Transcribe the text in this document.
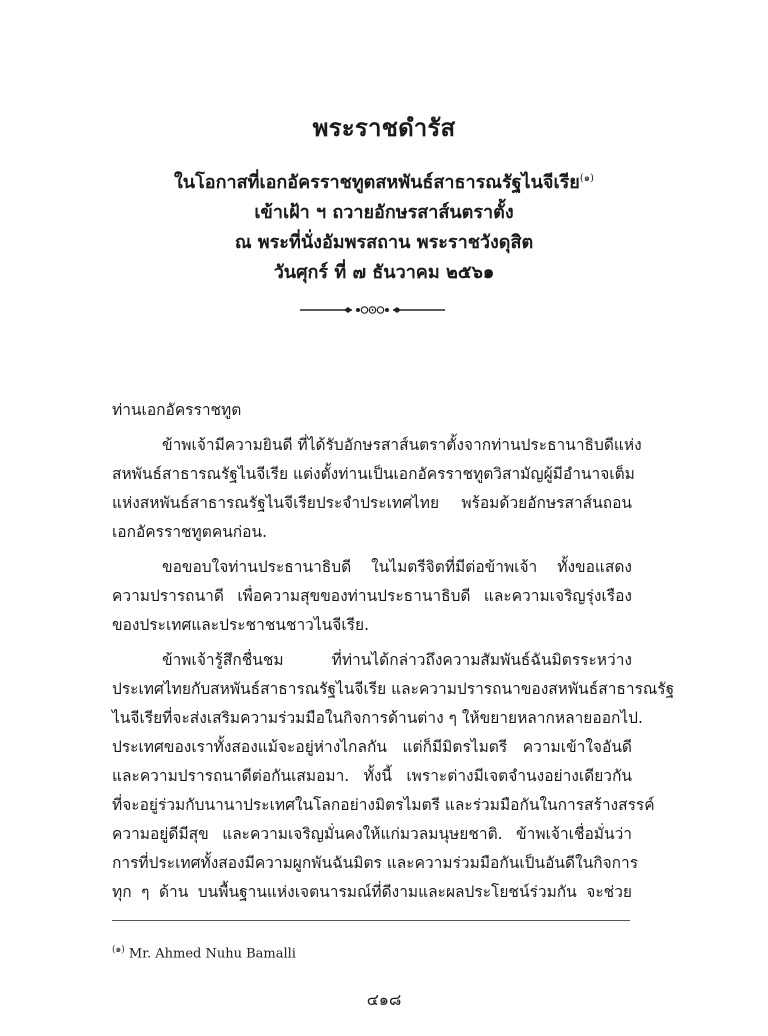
พระราชดำรัส
ในโอกาสที่เอกอัครราชทูตสหพันธ์สาธารณรัฐไนจีเรีย$^{(๑)}$
เข้าเฝ้า ฯ ถวายอักษรสาส์นตราตั้ง
ณ พระที่นั่งอัมพรสถาน พระราชวังดุสิต
วันศุกร์ ที่ ๗ ธันวาคม ๒๕๖๑
ท่านเอกอัครราชทูต
ข้าพเจ้ามีความยินดี ที่ได้รับอักษรสาส์นตราตั้งจากท่านประธานาธิบดีแห่ง
สหพันธ์สาธารณรัฐไนจีเรีย แต่งตั้งท่านเป็นเอกอัครราชทูตวิสามัญผู้มีอำนาจเต็ม
แห่งสหพันธ์สาธารณรัฐไนจีเรียประจำประเทศไทย พร้อมด้วยอักษรสาส์นถอน
เอกอัครราชทูตคนก่อน.
ขอขอบใจท่านประธานาธิบดี ในไมตรีจิตที่มีต่อข้าพเจ้า ทั้งขอแสดง
ความปรารถนาดี เพื่อความสุขของท่านประธานาธิบดี และความเจริญรุ่งเรือง
ของประเทศและประชาชนชาวไนจีเรีย.
ข้าพเจ้ารู้สึกชื่นชม ที่ท่านได้กล่าวถึงความสัมพันธ์ฉันมิตรระหว่าง
ประเทศไทยกับสหพันธ์สาธารณรัฐไนจีเรีย และความปรารถนาของสหพันธ์สาธารณรัฐ
ไนจีเรียที่จะส่งเสริมความร่วมมือในกิจการด้านต่าง ๆ ให้ขยายหลากหลายออกไป.
ประเทศของเราทั้งสองแม้จะอยู่ห่างไกลกัน แต่ก็มีมิตรไมตรี ความเข้าใจอันดี
และความปรารถนาดีต่อกันเสมอมา. ทั้งนี้ เพราะต่างมีเจตจำนงอย่างเดียวกัน
ที่จะอยู่ร่วมกับนานาประเทศในโลกอย่างมิตรไมตรี และร่วมมือกันในการสร้างสรรค์
ความอยู่ดีมีสุข และความเจริญมั่นคงให้แก่มวลมนุษยชาติ. ข้าพเจ้าเชื่อมั่นว่า
การที่ประเทศทั้งสองมีความผูกพันฉันมิตร และความร่วมมือกันเป็นอันดีในกิจการ
ทุก ๆ ด้าน บนพื้นฐานแห่งเจตนารมณ์ที่ดีงามและผลประโยชน์ร่วมกัน จะช่วย
$^{(๑)}$ Mr. Ahmed Nuhu Bamalli
๔๑๘
